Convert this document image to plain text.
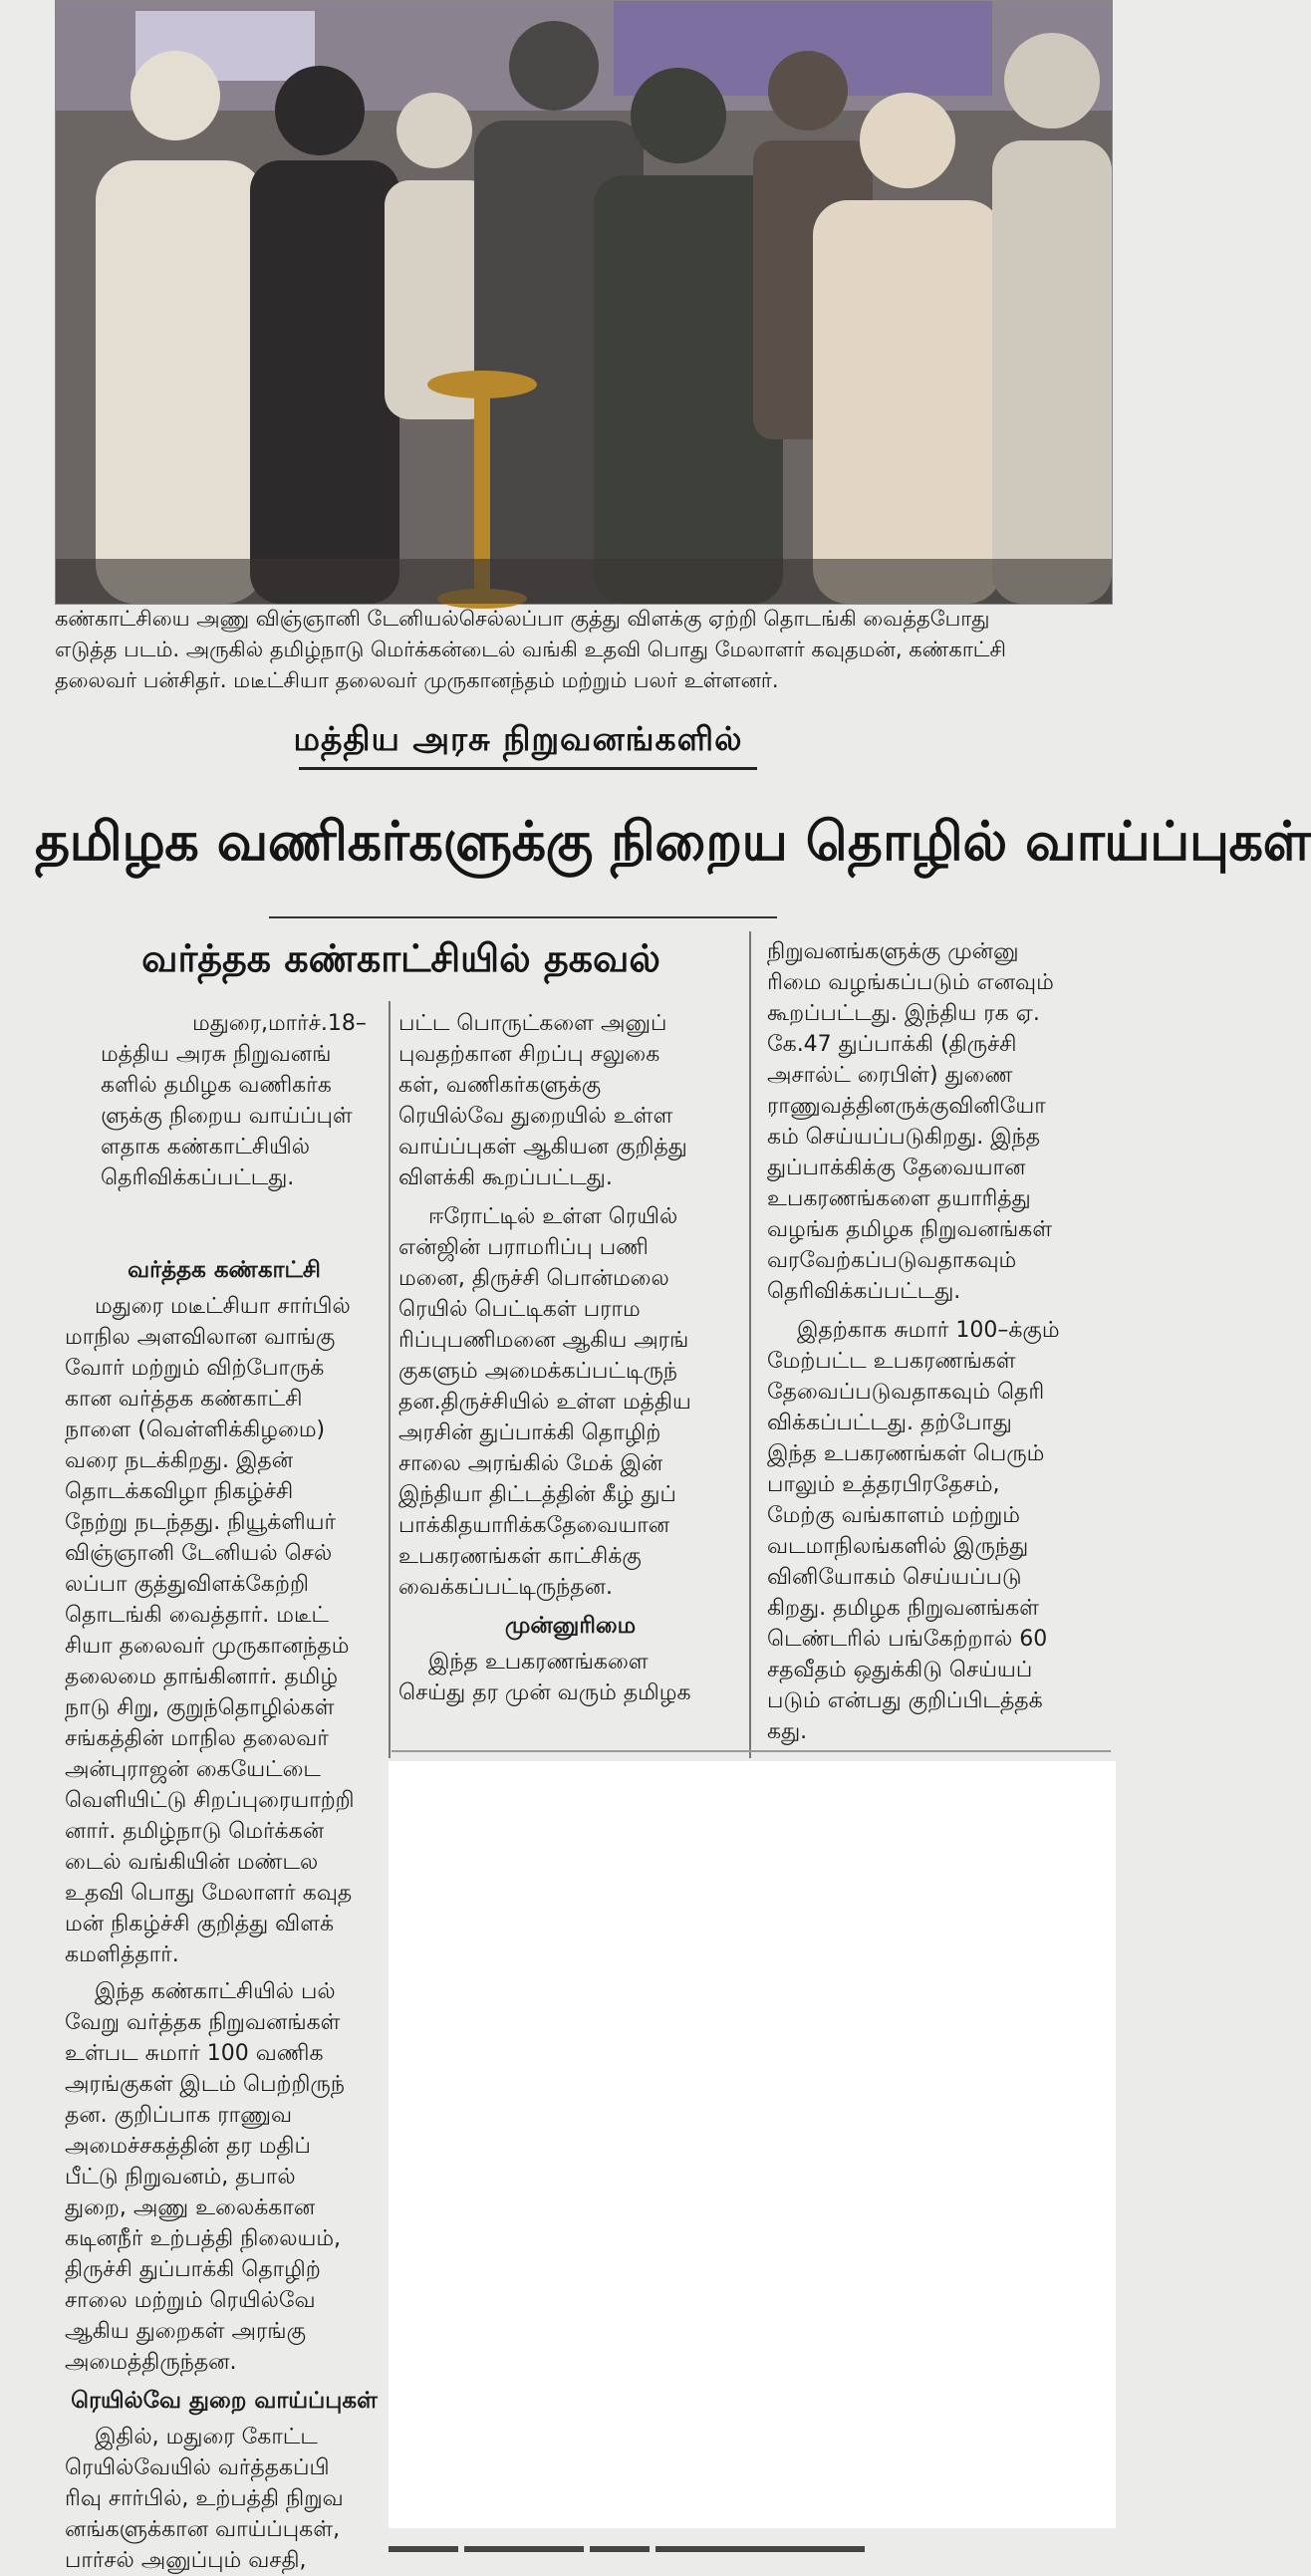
கண்காட்சியை அணு விஞ்ஞானி டேனியல்செல்லப்பா குத்து விளக்கு ஏற்றி தொடங்கி வைத்தபோது
எடுத்த படம். அருகில் தமிழ்நாடு மெர்க்கன்டைல் வங்கி உதவி பொது மேலாளர் கவுதமன், கண்காட்சி
தலைவர் பன்சிதர். மடீட்சியா தலைவர் முருகானந்தம் மற்றும் பலர் உள்ளனர்.
மத்திய அரசு நிறுவனங்களில்
தமிழக வணிகர்களுக்கு நிறைய தொழில் வாய்ப்புகள்
வர்த்தக கண்காட்சியில் தகவல்

மதுரை,மார்ச்.18–
மத்திய அரசு நிறுவனங்
களில் தமிழக வணிகர்க
ளுக்கு நிறைய வாய்ப்புள்
ளதாக கண்காட்சியில்
தெரிவிக்கப்பட்டது.

வர்த்தக கண்காட்சி

மதுரை மடீட்சியா சார்பில்
மாநில அளவிலான வாங்கு
வோர் மற்றும் விற்போருக்
கான வர்த்தக கண்காட்சி
நாளை (வெள்ளிக்கிழமை)
வரை நடக்கிறது. இதன்
தொடக்கவிழா நிகழ்ச்சி
நேற்று நடந்தது. நியூக்ளியர்
விஞ்ஞானி டேனியல் செல்
லப்பா குத்துவிளக்கேற்றி
தொடங்கி வைத்தார். மடீட்
சியா தலைவர் முருகானந்தம்
தலைமை தாங்கினார். தமிழ்
நாடு சிறு, குறுந்தொழில்கள்
சங்கத்தின் மாநில தலைவர்
அன்புராஜன் கையேட்டை
வெளியிட்டு சிறப்புரையாற்றி
னார். தமிழ்நாடு மெர்க்கன்
டைல் வங்கியின் மண்டல
உதவி பொது மேலாளர் கவுத
மன் நிகழ்ச்சி குறித்து விளக்
கமளித்தார்.

இந்த கண்காட்சியில் பல்
வேறு வர்த்தக நிறுவனங்கள்
உள்பட சுமார் 100 வணிக
அரங்குகள் இடம் பெற்றிருந்
தன. குறிப்பாக ராணுவ
அமைச்சகத்தின் தர மதிப்
பீட்டு நிறுவனம், தபால்
துறை, அணு உலைக்கான
கடினநீர் உற்பத்தி நிலையம்,
திருச்சி துப்பாக்கி தொழிற்
சாலை மற்றும் ரெயில்வே
ஆகிய துறைகள் அரங்கு
அமைத்திருந்தன.

ரெயில்வே துறை வாய்ப்புகள்

இதில், மதுரை கோட்ட
ரெயில்வேயில் வர்த்தகப்பி
ரிவு சார்பில், உற்பத்தி நிறுவ
னங்களுக்கான வாய்ப்புகள்,
பார்சல் அனுப்பும் வசதி,

பட்ட பொருட்களை அனுப்
புவதற்கான சிறப்பு சலுகை
கள், வணிகர்களுக்கு
ரெயில்வே துறையில் உள்ள
வாய்ப்புகள் ஆகியன குறித்து
விளக்கி கூறப்பட்டது.

ஈரோட்டில் உள்ள ரெயில்
என்ஜின் பராமரிப்பு பணி
மனை, திருச்சி பொன்மலை
ரெயில் பெட்டிகள் பராம
ரிப்புபணிமனை ஆகிய அரங்
குகளும் அமைக்கப்பட்டிருந்
தன.திருச்சியில் உள்ள மத்திய
அரசின் துப்பாக்கி தொழிற்
சாலை அரங்கில் மேக் இன்
இந்தியா திட்டத்தின் கீழ் துப்
பாக்கிதயாரிக்கதேவையான
உபகரணங்கள் காட்சிக்கு
வைக்கப்பட்டிருந்தன.

முன்னுரிமை

இந்த உபகரணங்களை
செய்து தர முன் வரும் தமிழக

நிறுவனங்களுக்கு முன்னு
ரிமை வழங்கப்படும் எனவும்
கூறப்பட்டது. இந்திய ரக ஏ.
கே.47 துப்பாக்கி (திருச்சி
அசால்ட் ரைபிள்) துணை
ராணுவத்தினருக்குவினியோ
கம் செய்யப்படுகிறது. இந்த
துப்பாக்கிக்கு தேவையான
உபகரணங்களை தயாரித்து
வழங்க தமிழக நிறுவனங்கள்
வரவேற்கப்படுவதாகவும்
தெரிவிக்கப்பட்டது.

இதற்காக சுமார் 100–க்கும்
மேற்பட்ட உபகரணங்கள்
தேவைப்படுவதாகவும் தெரி
விக்கப்பட்டது. தற்போது
இந்த உபகரணங்கள் பெரும்
பாலும் உத்தரபிரதேசம்,
மேற்கு வங்காளம் மற்றும்
வடமாநிலங்களில் இருந்து
வினியோகம் செய்யப்படு
கிறது. தமிழக நிறுவனங்கள்
டெண்டரில் பங்கேற்றால் 60
சதவீதம் ஒதுக்கிடு செய்யப்
படும் என்பது குறிப்பிடத்தக்
கது.
